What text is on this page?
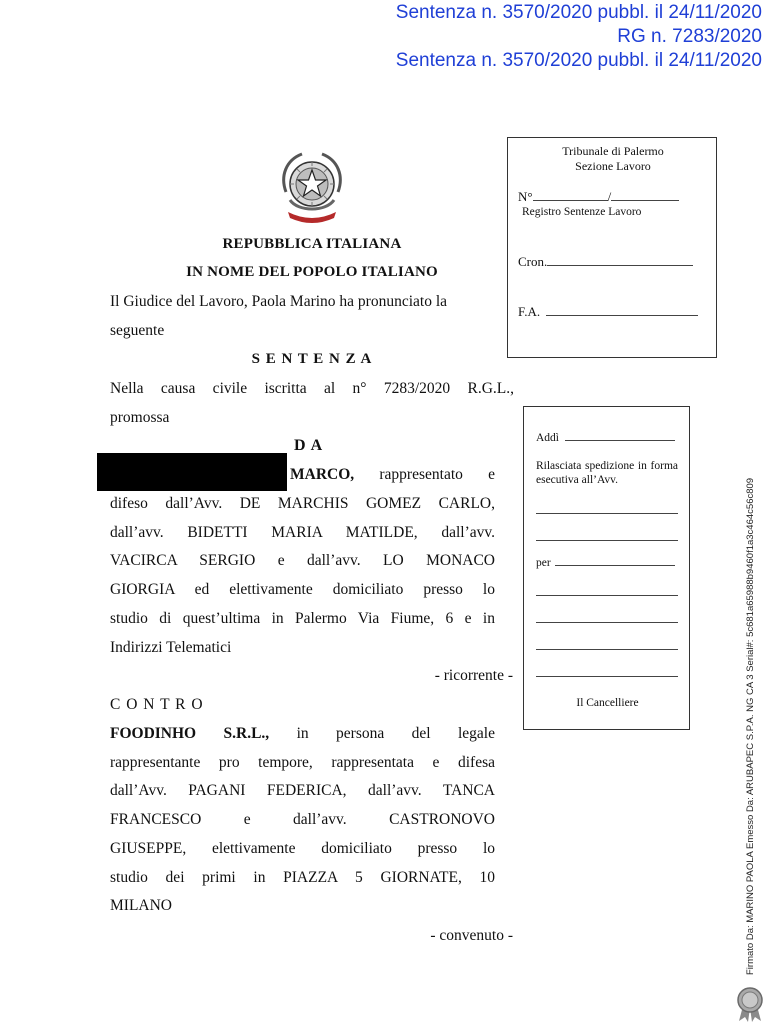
Sentenza n. 3570/2020 pubbl. il 24/11/2020
RG n. 7283/2020
Sentenza n. 3570/2020 pubbl. il 24/11/2020
REPUBBLICA ITALIANA
IN NOME DEL POPOLO ITALIANO
Il Giudice del Lavoro, Paola Marino ha pronunciato la
seguente
S E N T E N Z A
Tribunale di Palermo
Sezione Lavoro
N°	/
Registro Sentenze Lavoro
Cron.
F.A.
Nella causa civile iscritta al n° 7283/2020 R.G.L.,
promossa
D A
MARCO, rappresentato e
difeso dall’Avv. DE MARCHIS GOMEZ CARLO,
dall’avv. BIDETTI MARIA MATILDE, dall’avv.
VACIRCA SERGIO e dall’avv. LO MONACO
GIORGIA ed elettivamente domiciliato presso lo
studio di quest’ultima in Palermo Via Fiume, 6 e in
Indirizzi Telematici
- ricorrente -
C O N T R O
FOODINHO S.R.L., in persona del legale
rappresentante pro tempore, rappresentata e difesa
dall’Avv. PAGANI FEDERICA, dall’avv. TANCA
FRANCESCO e dall’avv. CASTRONOVO
GIUSEPPE, elettivamente domiciliato presso lo
studio dei primi in PIAZZA 5 GIORNATE, 10
MILANO
- convenuto -
Addì
Rilasciata spedizione in forma esecutiva all’Avv.
per
Il Cancelliere	Firmato Da: MARINO PAOLA Emesso Da: ARUBAPEC S.P.A. NG CA 3 Serial#: 5c681a65988b9460f1a3c464c56c809
